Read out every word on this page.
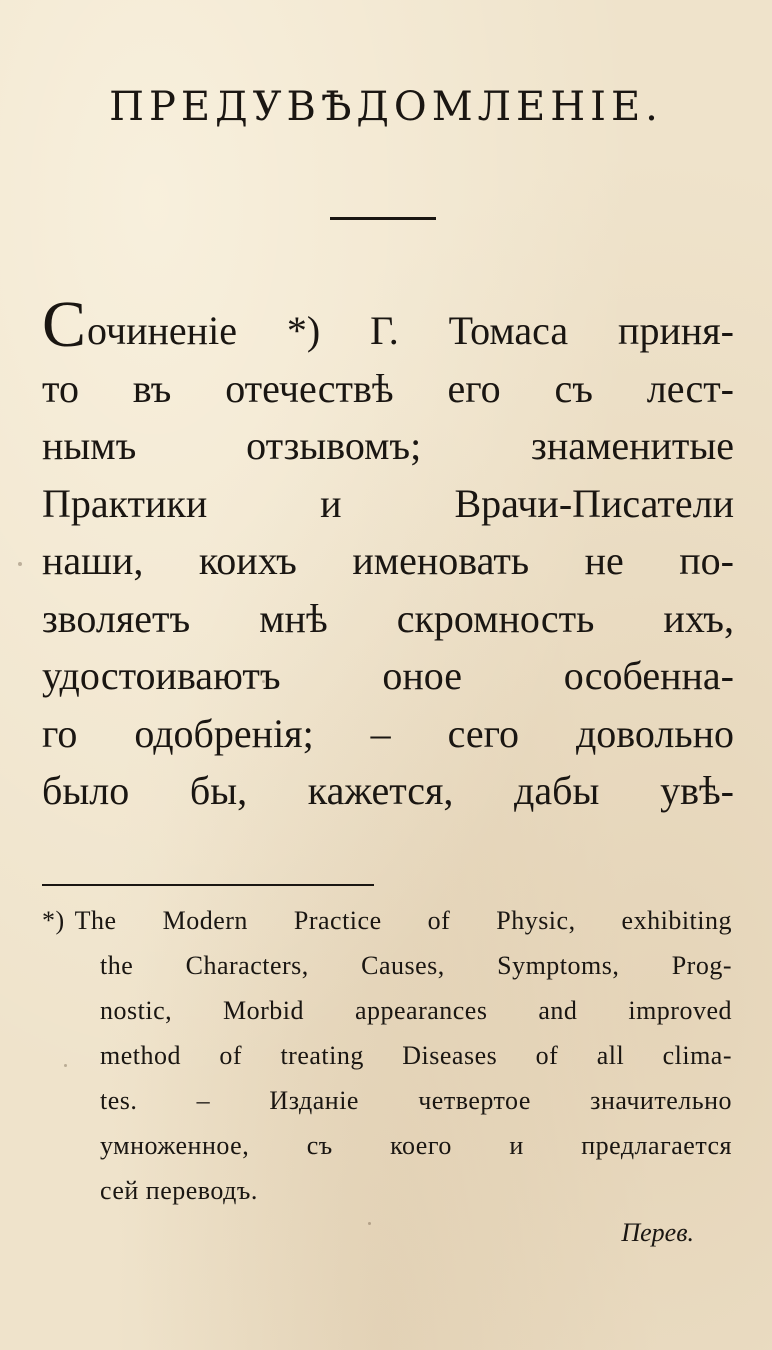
ПРЕДУВѢДОМЛЕНІЕ.
Сочиненіе *) Г. Томаса приня-
то въ отечествѣ его съ лест-
нымъ отзывомъ; знаменитые
Практики и Врачи-Писатели
наши, коихъ именовать не по-
зволяетъ мнѣ скромность ихъ,
удостоиваютъ оное особенна-
го одобренія; – сего довольно
было бы, кажется, дабы увѣ-
*) The Modern Practice of Physic, exhibiting
the Characters, Causes, Symptoms, Prog-
nostic, Morbid appearances and improved
method of treating Diseases of all clima-
tes. – Изданіе четвертое значительно
умноженное, съ коего и предлагается
сей переводъ.
Перев.
